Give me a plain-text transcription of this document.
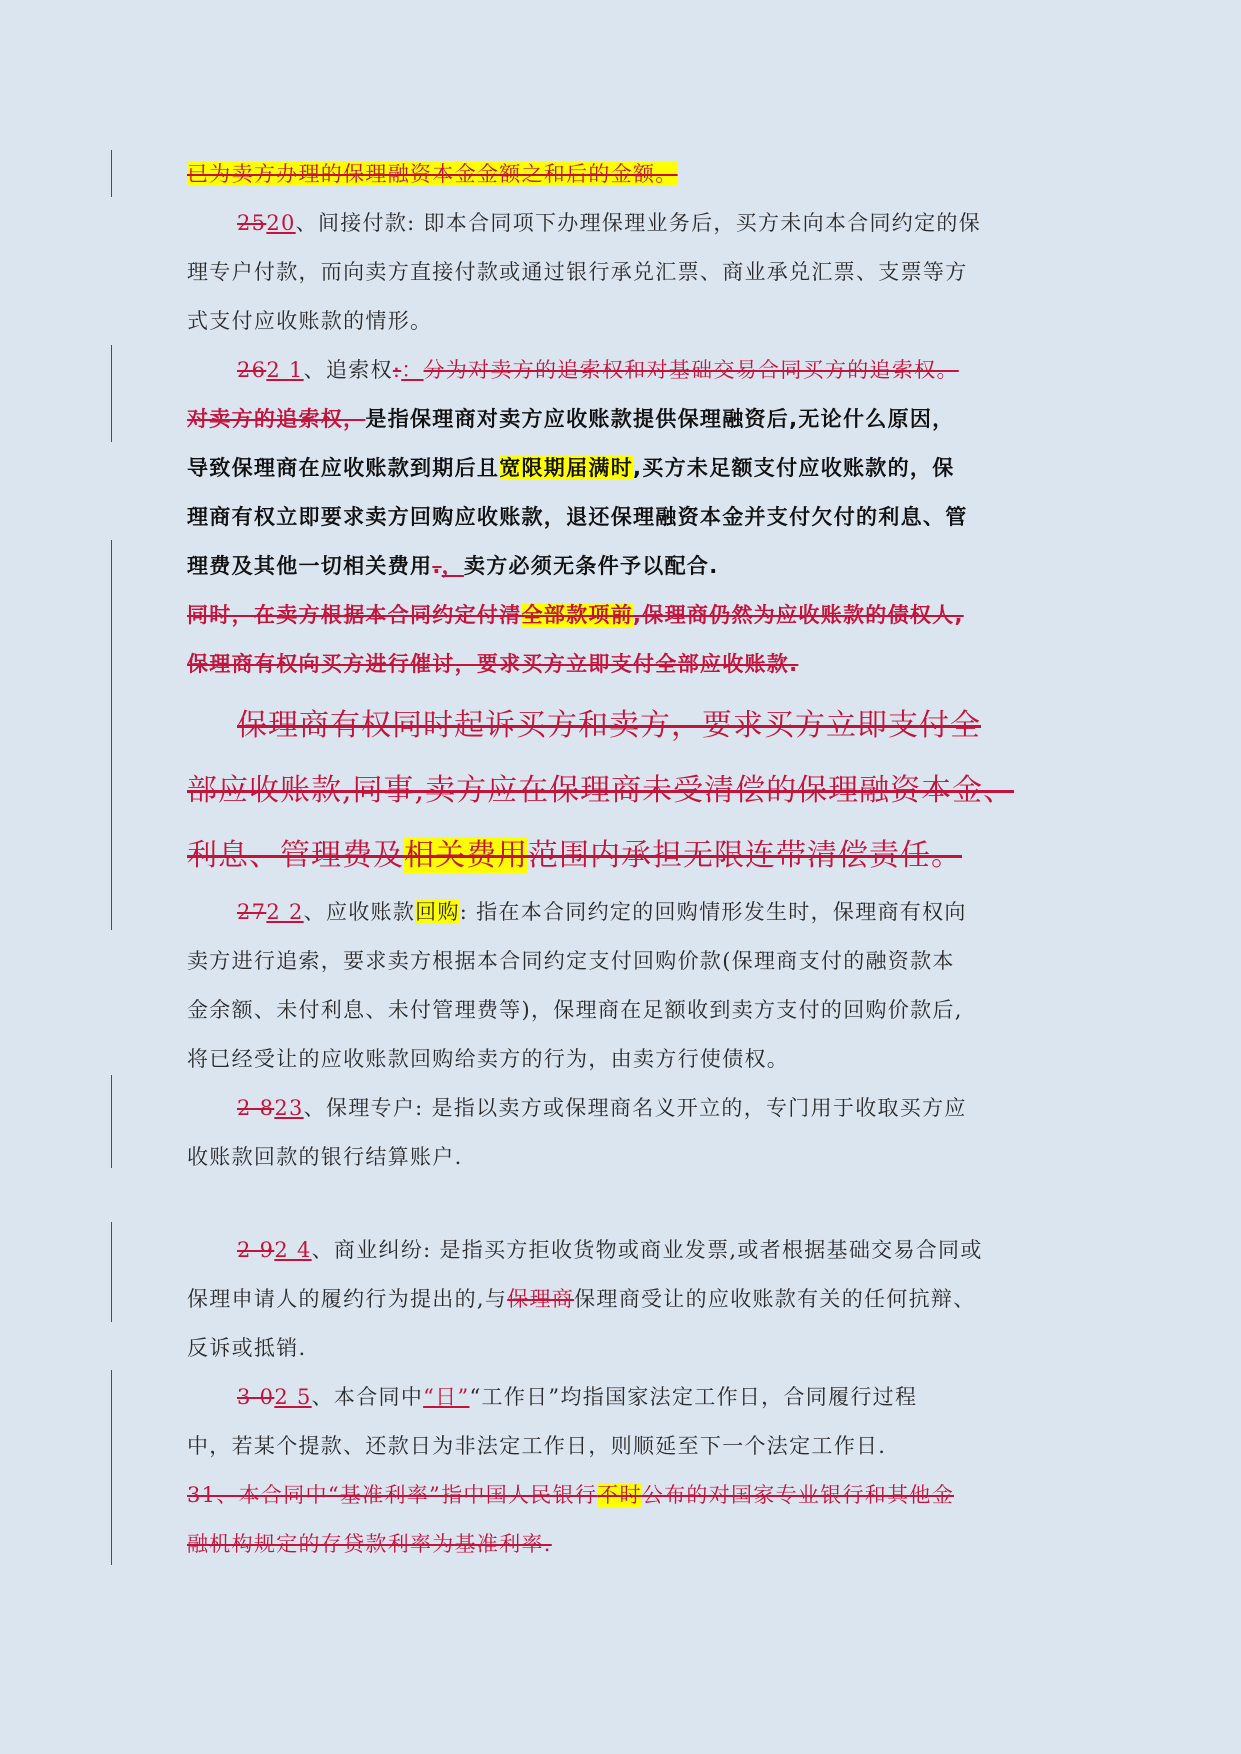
已为卖方办理的保理融资本金金额之和后的金额。
2520、间接付款: 即本合同项下办理保理业务后，买方未向本合同约定的保
理专户付款，而向卖方直接付款或通过银行承兑汇票、商业承兑汇票、支票等方
式支付应收账款的情形。
262 1、追索权:：分为对卖方的追索权和对基础交易合同买方的追索权。
对卖方的追索权，是指保理商对卖方应收账款提供保理融资后,无论什么原因，
导致保理商在应收账款到期后且宽限期届满时,买方未足额支付应收账款的，保
理商有权立即要求卖方回购应收账款，退还保理融资本金并支付欠付的利息、管
理费及其他一切相关费用.，卖方必须无条件予以配合.
同时，在卖方根据本合同约定付清全部款项前,保理商仍然为应收账款的债权人,
保理商有权向买方进行催讨，要求买方立即支付全部应收账款.
保理商有权同时起诉买方和卖方，要求买方立即支付全
部应收账款,同事,卖方应在保理商未受清偿的保理融资本金、
利息、管理费及相关费用范围内承担无限连带清偿责任。
272 2、应收账款回购: 指在本合同约定的回购情形发生时，保理商有权向
卖方进行追索，要求卖方根据本合同约定支付回购价款(保理商支付的融资款本
金余额、未付利息、未付管理费等)，保理商在足额收到卖方支付的回购价款后,
将已经受让的应收账款回购给卖方的行为，由卖方行使债权。
2 823、保理专户: 是指以卖方或保理商名义开立的，专门用于收取买方应
收账款回款的银行结算账户.
2 92 4、商业纠纷: 是指买方拒收货物或商业发票,或者根据基础交易合同或
保理申请人的履约行为提出的,与保理商保理商受让的应收账款有关的任何抗辩、
反诉或抵销.
3 02 5、本合同中“日”“工作日”均指国家法定工作日，合同履行过程
中，若某个提款、还款日为非法定工作日，则顺延至下一个法定工作日.
31、本合同中“基准利率”指中国人民银行不时公布的对国家专业银行和其他金
融机构规定的存贷款利率为基准利率.
